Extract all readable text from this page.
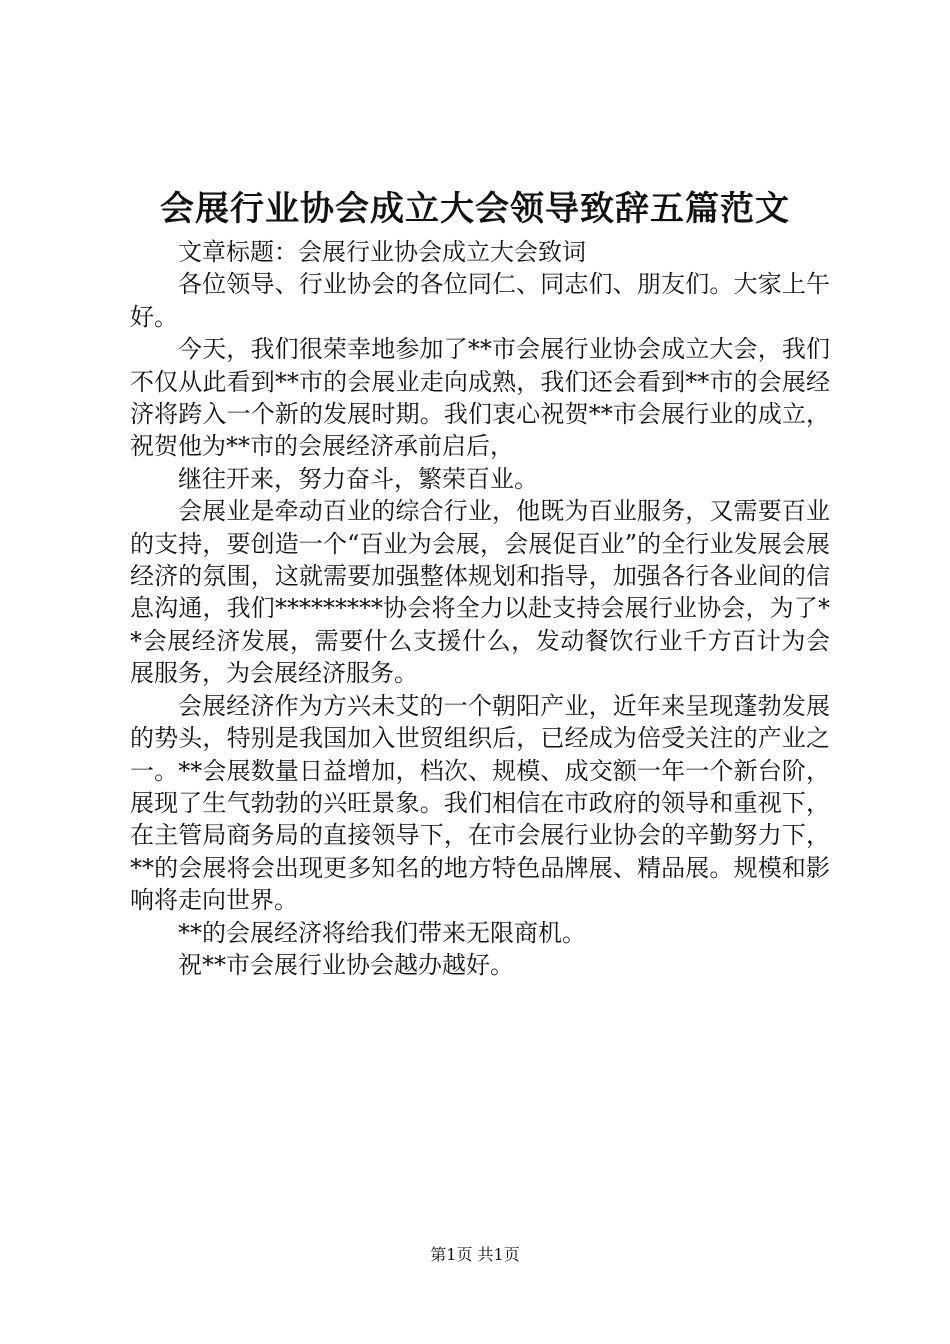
会展行业协会成立大会领导致辞五篇范文

文章标题：会展行业协会成立大会致词

各位领导、行业协会的各位同仁、同志们、朋友们。大家上午好。

今天，我们很荣幸地参加了**市会展行业协会成立大会，我们不仅从此看到**市的会展业走向成熟，我们还会看到**市的会展经济将跨入一个新的发展时期。我们衷心祝贺**市会展行业的成立，祝贺他为**市的会展经济承前启后，

继往开来，努力奋斗，繁荣百业。

会展业是牵动百业的综合行业，他既为百业服务，又需要百业的支持，要创造一个“百业为会展，会展促百业”的全行业发展会展经济的氛围，这就需要加强整体规划和指导，加强各行各业间的信息沟通，我们*********协会将全力以赴支持会展行业协会，为了**会展经济发展，需要什么支援什么，发动餐饮行业千方百计为会展服务，为会展经济服务。

会展经济作为方兴未艾的一个朝阳产业，近年来呈现蓬勃发展的势头，特别是我国加入世贸组织后，已经成为倍受关注的产业之一。**会展数量日益增加，档次、规模、成交额一年一个新台阶，展现了生气勃勃的兴旺景象。我们相信在市政府的领导和重视下，在主管局商务局的直接领导下，在市会展行业协会的辛勤努力下，**的会展将会出现更多知名的地方特色品牌展、精品展。规模和影响将走向世界。

**的会展经济将给我们带来无限商机。

祝**市会展行业协会越办越好。

第1页 共1页
